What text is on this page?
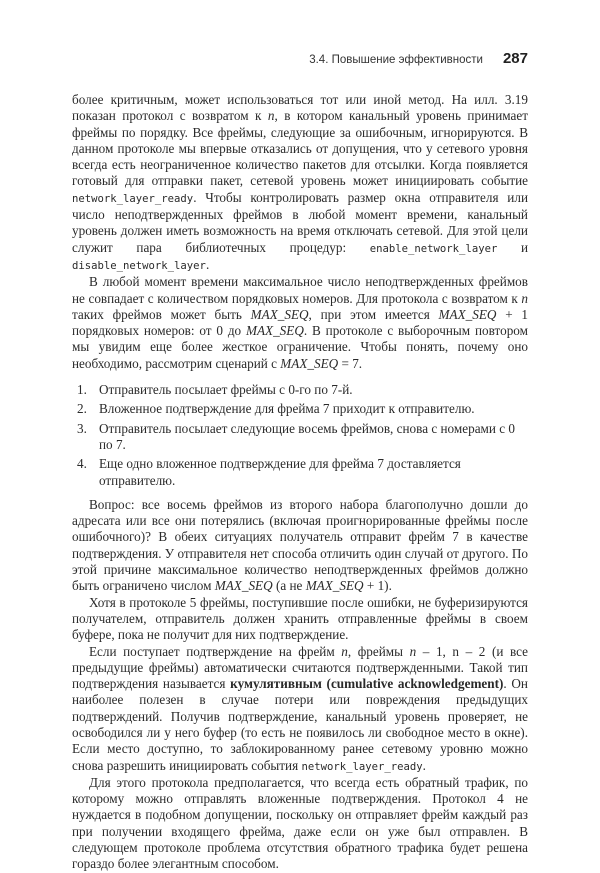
3.4. Повышение эффективности 287

более критичным, может использоваться тот или иной метод. На илл. 3.19 показан протокол с возвратом к n, в котором канальный уровень принимает фреймы по порядку. Все фреймы, следующие за ошибочным, игнорируются. В данном протоколе мы впервые отказались от допущения, что у сетевого уровня всегда есть неограниченное количество пакетов для отсылки. Когда появляется готовый для отправки пакет, сетевой уровень может инициировать событие network_layer_ready. Чтобы контролировать размер окна отправителя или число неподтвержденных фреймов в любой момент времени, канальный уровень должен иметь возможность на время отключать сетевой. Для этой цели служит пара библиотечных процедур: enable_network_layer и disable_network_layer.

В любой момент времени максимальное число неподтвержденных фреймов не совпадает с количеством порядковых номеров. Для протокола с возвратом к n таких фреймов может быть MAX_SEQ, при этом имеется MAX_SEQ + 1 порядковых номеров: от 0 до MAX_SEQ. В протоколе с выборочным повтором мы увидим еще более жесткое ограничение. Чтобы понять, почему оно необходимо, рассмотрим сценарий с MAX_SEQ = 7.

1. Отправитель посылает фреймы с 0-го по 7-й.
2. Вложенное подтверждение для фрейма 7 приходит к отправителю.
3. Отправитель посылает следующие восемь фреймов, снова с номерами с 0 по 7.
4. Еще одно вложенное подтверждение для фрейма 7 доставляется отправителю.

Вопрос: все восемь фреймов из второго набора благополучно дошли до адресата или все они потерялись (включая проигнорированные фреймы после ошибочного)? В обеих ситуациях получатель отправит фрейм 7 в качестве подтверждения. У отправителя нет способа отличить один случай от другого. По этой причине максимальное количество неподтвержденных фреймов должно быть ограничено числом MAX_SEQ (а не MAX_SEQ + 1).

Хотя в протоколе 5 фреймы, поступившие после ошибки, не буферизируются получателем, отправитель должен хранить отправленные фреймы в своем буфере, пока не получит для них подтверждение.

Если поступает подтверждение на фрейм n, фреймы n – 1, n – 2 (и все предыдущие фреймы) автоматически считаются подтвержденными. Такой тип подтверждения называется кумулятивным (cumulative acknowledgement). Он наиболее полезен в случае потери или повреждения предыдущих подтверждений. Получив подтверждение, канальный уровень проверяет, не освободился ли у него буфер (то есть не появилось ли свободное место в окне). Если место доступно, то заблокированному ранее сетевому уровню можно снова разрешить инициировать события network_layer_ready.

Для этого протокола предполагается, что всегда есть обратный трафик, по которому можно отправлять вложенные подтверждения. Протокол 4 не нуждается в подобном допущении, поскольку он отправляет фрейм каждый раз при получении входящего фрейма, даже если он уже был отправлен. В следующем протоколе проблема отсутствия обратного трафика будет решена гораздо более элегантным способом.
